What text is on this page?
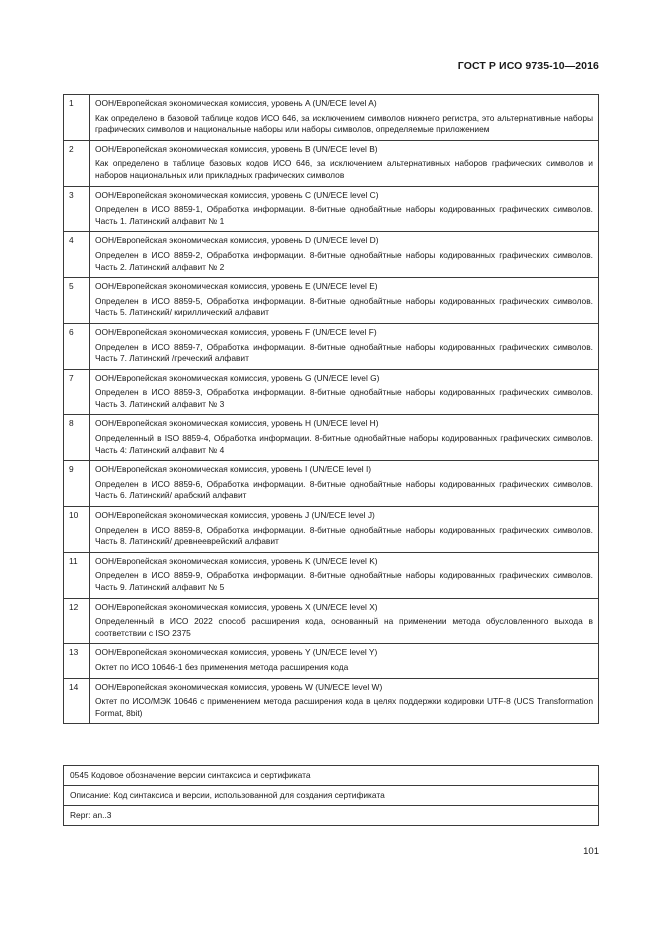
ГОСТ Р ИСО 9735-10—2016
1	ООН/Европейская экономическая комиссия, уровень A (UN/ECE level A)
Как определено в базовой таблице кодов ИСО 646, за исключением символов нижнего регистра, это альтернативные наборы графических символов и национальные наборы или наборы символов, определяемые приложением

2	ООН/Европейская экономическая комиссия, уровень B (UN/ECE level B)
Как определено в таблице базовых кодов ИСО 646, за исключением альтернативных наборов графических символов и наборов национальных или прикладных графических символов

3	ООН/Европейская экономическая комиссия, уровень C (UN/ECE level C)
Определен в ИСО 8859-1, Обработка информации. 8-битные однобайтные наборы кодированных графических символов. Часть 1. Латинский алфавит № 1

4	ООН/Европейская экономическая комиссия, уровень D (UN/ECE level D)
Определен в ИСО 8859-2, Обработка информации. 8-битные однобайтные наборы кодированных графических символов. Часть 2. Латинский алфавит № 2

5	ООН/Европейская экономическая комиссия, уровень E (UN/ECE level E)
Определен в ИСО 8859-5, Обработка информации. 8-битные однобайтные наборы кодированных графических символов. Часть 5. Латинский/ кириллический алфавит

6	ООН/Европейская экономическая комиссия, уровень F (UN/ECE level F)
Определен в ИСО 8859-7, Обработка информации. 8-битные однобайтные наборы кодированных графических символов. Часть 7. Латинский /греческий алфавит

7	ООН/Европейская экономическая комиссия, уровень G (UN/ECE level G)
Определен в ИСО 8859-3, Обработка информации. 8-битные однобайтные наборы кодированных графических символов. Часть 3. Латинский алфавит № 3

8	ООН/Европейская экономическая комиссия, уровень H (UN/ECE level H)
Определенный в ISO 8859-4, Обработка информации. 8-битные однобайтные наборы кодированных графических символов. Часть 4: Латинский алфавит № 4

9	ООН/Европейская экономическая комиссия, уровень I (UN/ECE level I)
Определен в ИСО 8859-6, Обработка информации. 8-битные однобайтные наборы кодированных графических символов. Часть 6. Латинский/ арабский алфавит

10	ООН/Европейская экономическая комиссия, уровень J (UN/ECE level J)
Определен в ИСО 8859-8, Обработка информации. 8-битные однобайтные наборы кодированных графических символов. Часть 8. Латинский/ древнееврейский алфавит

11	ООН/Европейская экономическая комиссия, уровень K (UN/ECE level K)
Определен в ИСО 8859-9, Обработка информации. 8-битные однобайтные наборы кодированных графических символов. Часть 9. Латинский алфавит № 5

12	ООН/Европейская экономическая комиссия, уровень X (UN/ECE level X)
Определенный в ИСО 2022 способ расширения кода, основанный на применении метода обусловленного выхода в соответствии с ISO 2375

13	ООН/Европейская экономическая комиссия, уровень Y (UN/ECE level Y)
Октет по ИСО 10646-1 без применения метода расширения кода

14	ООН/Европейская экономическая комиссия, уровень W (UN/ECE level W)
Октет по ИСО/МЭК 10646 с применением метода расширения кода в целях поддержки кодировки UTF-8 (UCS Transformation Format, 8bit)
0545 Кодовое обозначение версии синтаксиса и сертификата
Описание: Код синтаксиса и версии, использованной для создания сертификата
Repr: an..3
101
